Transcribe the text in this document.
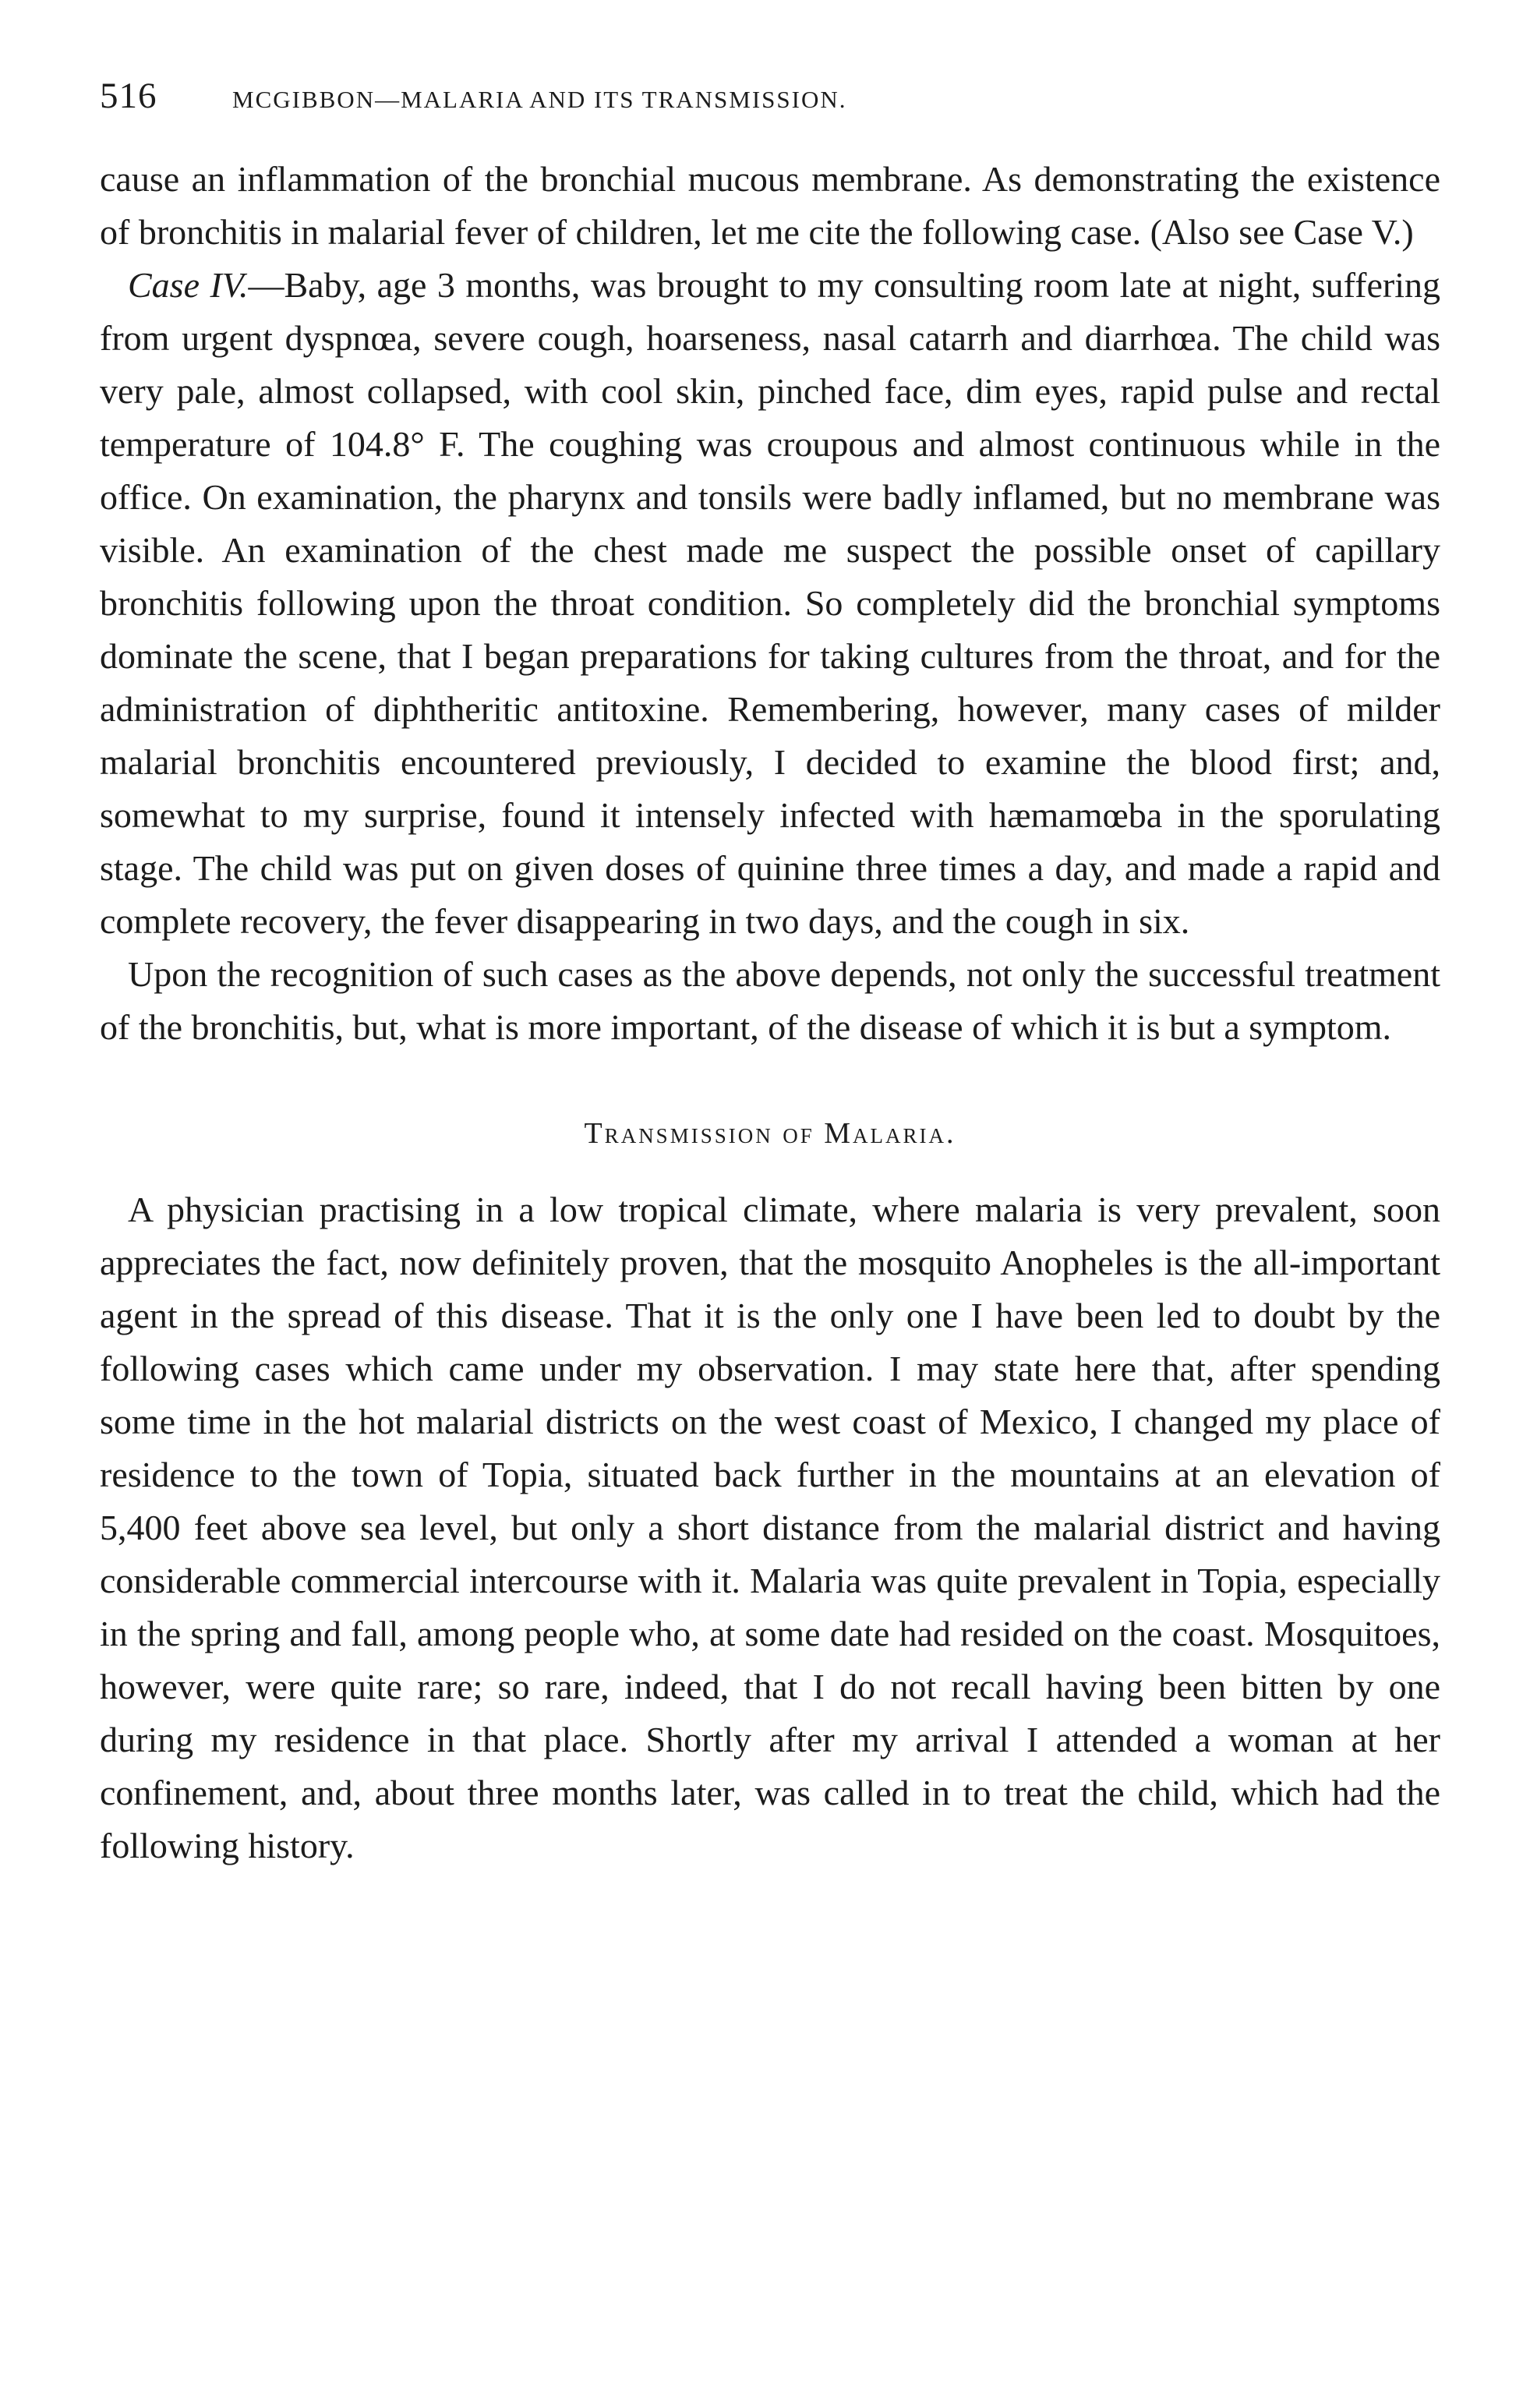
516	MCGIBBON—MALARIA AND ITS TRANSMISSION.

cause an inflammation of the bronchial mucous membrane. As demonstrating the existence of bronchitis in malarial fever of children, let me cite the following case. (Also see Case V.)

Case IV.—Baby, age 3 months, was brought to my consulting room late at night, suffering from urgent dyspnœa, severe cough, hoarseness, nasal catarrh and diarrhœa. The child was very pale, almost collapsed, with cool skin, pinched face, dim eyes, rapid pulse and rectal temperature of 104.8° F. The coughing was croupous and almost continuous while in the office. On examination, the pharynx and tonsils were badly inflamed, but no membrane was visible. An examination of the chest made me suspect the possible onset of capillary bronchitis following upon the throat condition. So completely did the bronchial symptoms dominate the scene, that I began preparations for taking cultures from the throat, and for the administration of diphtheritic antitoxine. Remembering, however, many cases of milder malarial bronchitis encountered previously, I decided to examine the blood first; and, somewhat to my surprise, found it intensely infected with hæmamœba in the sporulating stage. The child was put on given doses of quinine three times a day, and made a rapid and complete recovery, the fever disappearing in two days, and the cough in six.

Upon the recognition of such cases as the above depends, not only the successful treatment of the bronchitis, but, what is more important, of the disease of which it is but a symptom.

Transmission of Malaria.

A physician practising in a low tropical climate, where malaria is very prevalent, soon appreciates the fact, now definitely proven, that the mosquito Anopheles is the all-important agent in the spread of this disease. That it is the only one I have been led to doubt by the following cases which came under my observation. I may state here that, after spending some time in the hot malarial districts on the west coast of Mexico, I changed my place of residence to the town of Topia, situated back further in the mountains at an elevation of 5,400 feet above sea level, but only a short distance from the malarial district and having considerable commercial intercourse with it. Malaria was quite prevalent in Topia, especially in the spring and fall, among people who, at some date had resided on the coast. Mosquitoes, however, were quite rare; so rare, indeed, that I do not recall having been bitten by one during my residence in that place. Shortly after my arrival I attended a woman at her confinement, and, about three months later, was called in to treat the child, which had the following history.
